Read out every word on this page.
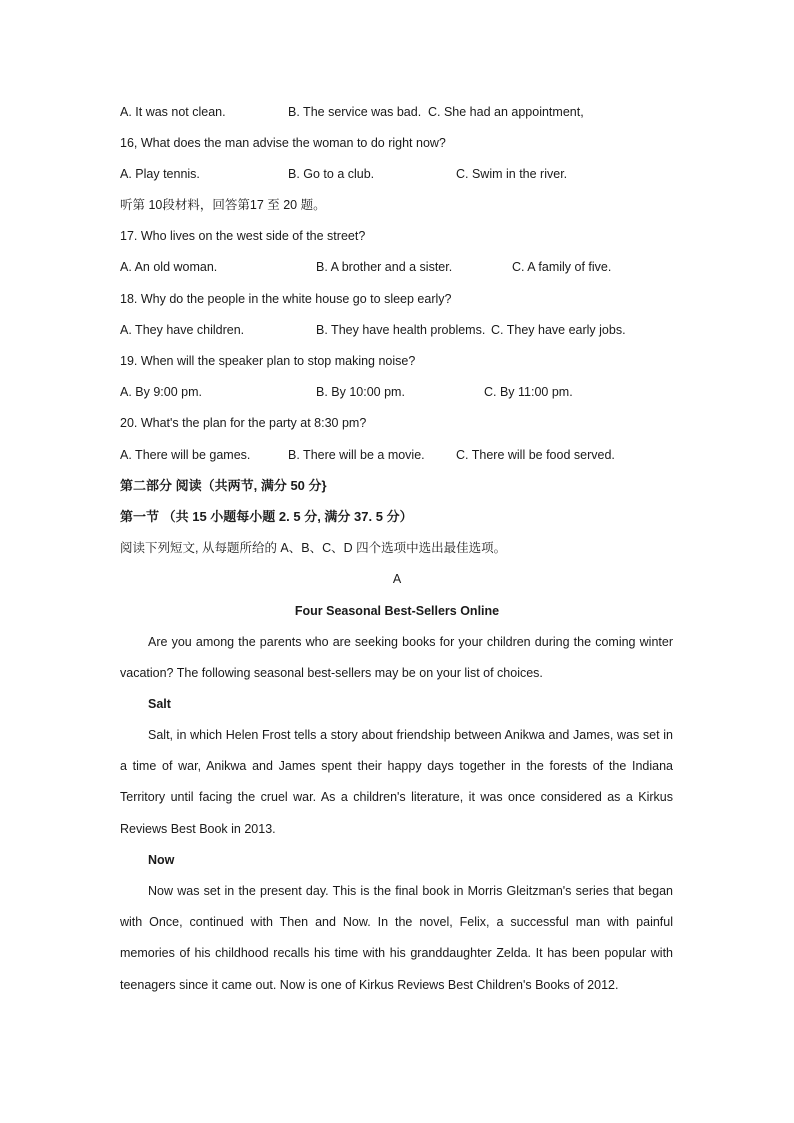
A. It was not clean.	B. The service was bad. C. She had an appointment,
16, What does the man advise the woman to do right now?
A. Play tennis.	B. Go to a club.	C. Swim in the river.
听第 10段材料，回答第17 至 20 题。
17. Who lives on the west side of the street?
A. An old woman.	B. A brother and a sister.	C. A family of five.
18. Why do the people in the white house go to sleep early?
A. They have children.	B. They have health problems. C. They have early jobs.
19. When will the speaker plan to stop making noise?
A. By 9:00 pm.	B. By 10:00 pm.	C. By 11:00 pm.
20. What's the plan for the party at 8:30 pm?
A. There will be games.	B. There will be a movie.	C. There will be food served.
第二部分 阅读（共两节, 满分 50 分}
第一节 （共 15 小题每小题 2. 5 分, 满分 37. 5 分）
阅读下列短文, 从每题所给的 A、B、C、D 四个选项中选出最佳选项。
A
Four Seasonal Best-Sellers Online

Are you among the parents who are seeking books for your children during the coming winter vacation? The following seasonal best-sellers may be on your list of choices.

Salt

Salt, in which Helen Frost tells a story about friendship between Anikwa and James, was set in a time of war, Anikwa and James spent their happy days together in the forests of the Indiana Territory until facing the cruel war. As a children's literature, it was once considered as a Kirkus Reviews Best Book in 2013.

Now

Now was set in the present day. This is the final book in Morris Gleitzman's series that began with Once, continued with Then and Now. In the novel, Felix, a successful man with painful memories of his childhood recalls his time with his granddaughter Zelda. It has been popular with teenagers since it came out. Now is one of Kirkus Reviews Best Children's Books of 2012.
